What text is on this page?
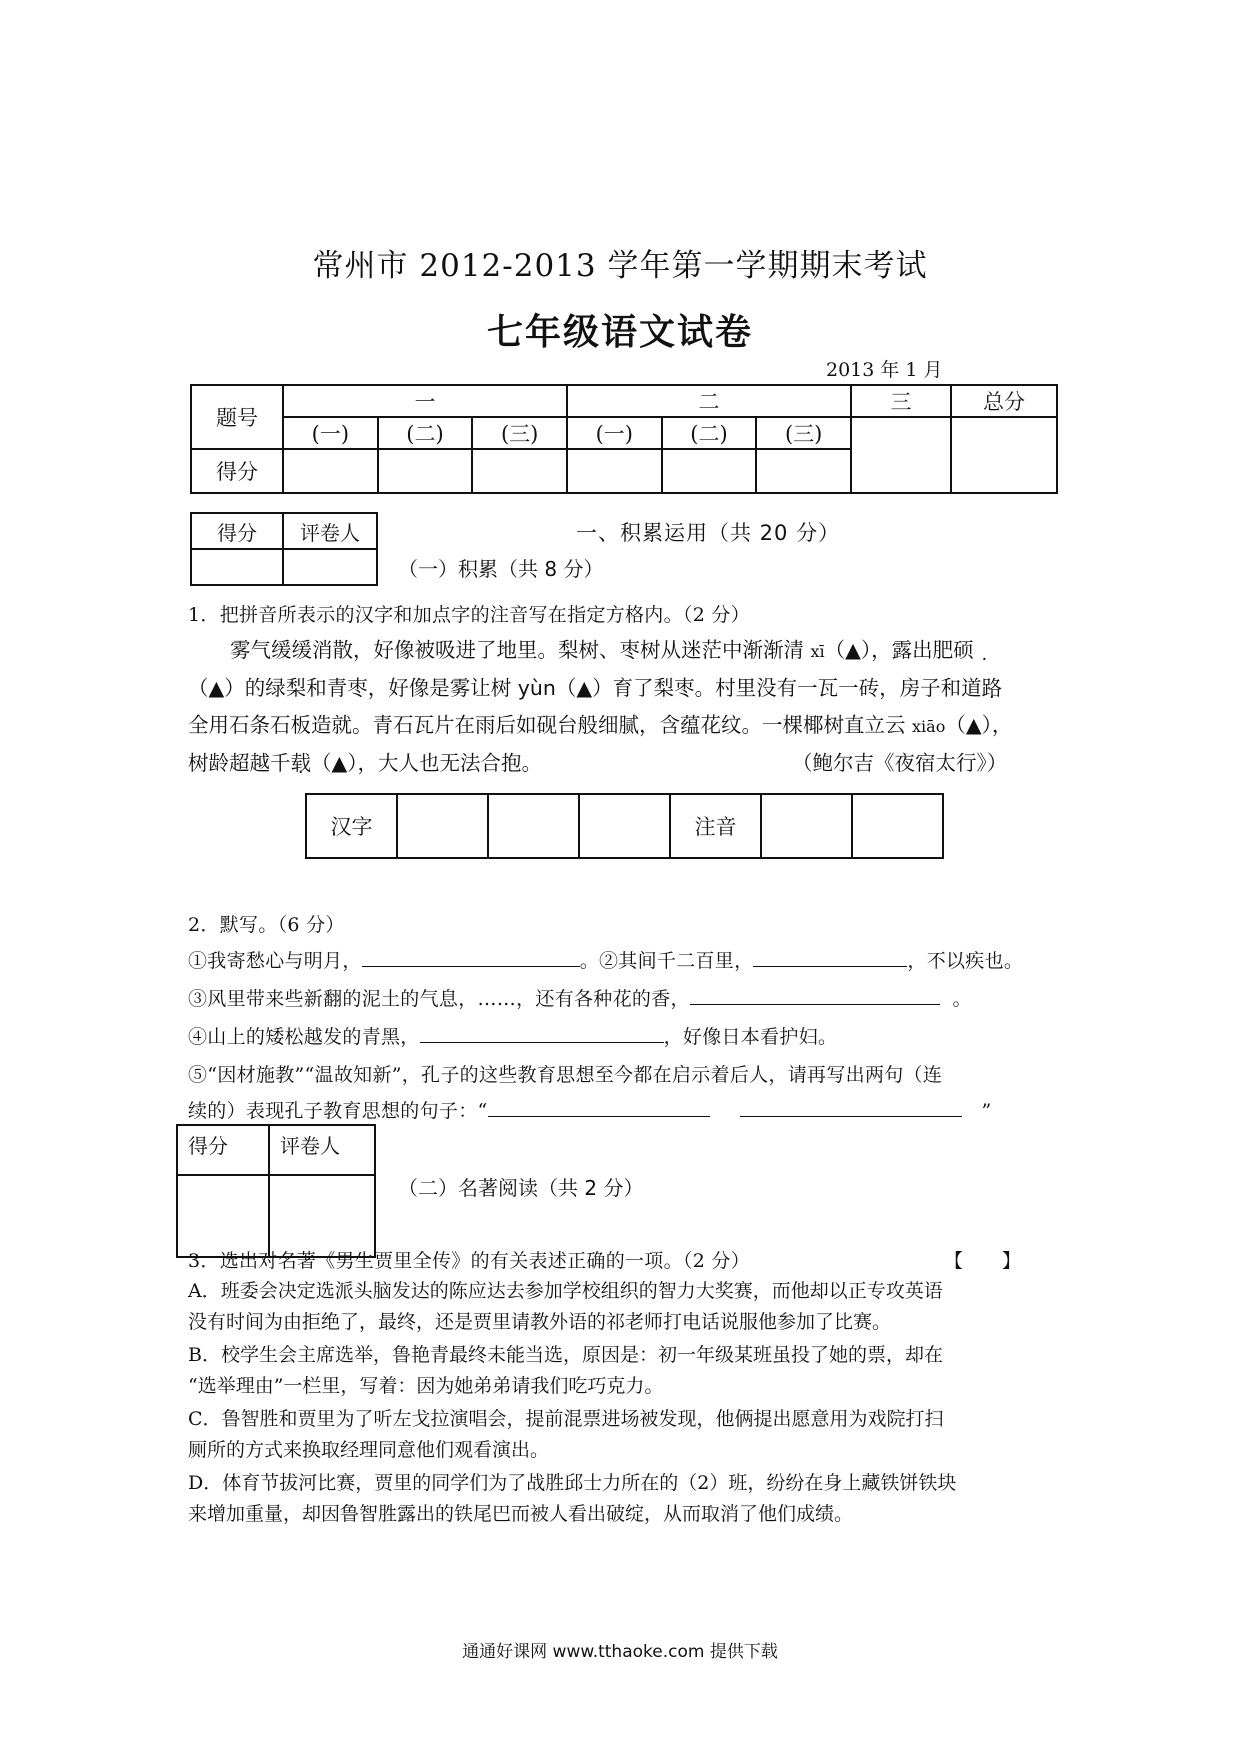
常州市 2012-2013 学年第一学期期末考试
七年级语文试卷
2013 年 1 月
题号	一			二			三	总分
	(一)	(二)	(三)	(一)	(二)	(三)		
得分								
得分	评卷人
		一、积累运用（共 20 分）
（一）积累（共 8 分）
1．把拼音所表示的汉字和加点字的注音写在指定方格内。（2 分）

雾气缓缓消散，好像被吸进了地里。梨树、枣树从迷茫中渐渐清 xī（▲），露出肥硕

（▲）的绿梨和青枣，好像是雾让树 yùn（▲）育了梨枣。村里没有一瓦一砖，房子和道路

全用石条石板造就。青石瓦片在雨后如砚台般细腻，含蕴花纹。一棵椰树直立云 xiāo（▲），

树龄超越千载（▲），大人也无法合抱。	（鲍尔吉《夜宿太行》）

汉字				注音		
2．默写。（6 分）
①我寄愁心与明月，	。②其间千二百里，	，不以疾也。
③风里带来些新翻的泥土的气息，……，还有各种花的香，	。
④山上的矮松越发的青黑，	，好像日本看护妇。
⑤“因材施教”“温故知新”，孔子的这些教育思想至今都在启示着后人，请再写出两句（连
续的）表现孔子教育思想的句子：“	”
得分	评卷人

（二）名著阅读（共 2 分）
3．选出对名著《男生贾里全传》的有关表述正确的一项。（2 分）	【　　】
A．班委会决定选派头脑发达的陈应达去参加学校组织的智力大奖赛，而他却以正专攻英语
没有时间为由拒绝了，最终，还是贾里请教外语的祁老师打电话说服他参加了比赛。
B．校学生会主席选举，鲁艳青最终未能当选，原因是：初一年级某班虽投了她的票，却在
“选举理由”一栏里，写着：因为她弟弟请我们吃巧克力。
C．鲁智胜和贾里为了听左戈拉演唱会，提前混票进场被发现，他俩提出愿意用为戏院打扫
厕所的方式来换取经理同意他们观看演出。
D．体育节拔河比赛，贾里的同学们为了战胜邱士力所在的（2）班，纷纷在身上藏铁饼铁块
来增加重量，却因鲁智胜露出的铁尾巴而被人看出破绽，从而取消了他们成绩。
通通好课网 www.tthaoke.com 提供下载
